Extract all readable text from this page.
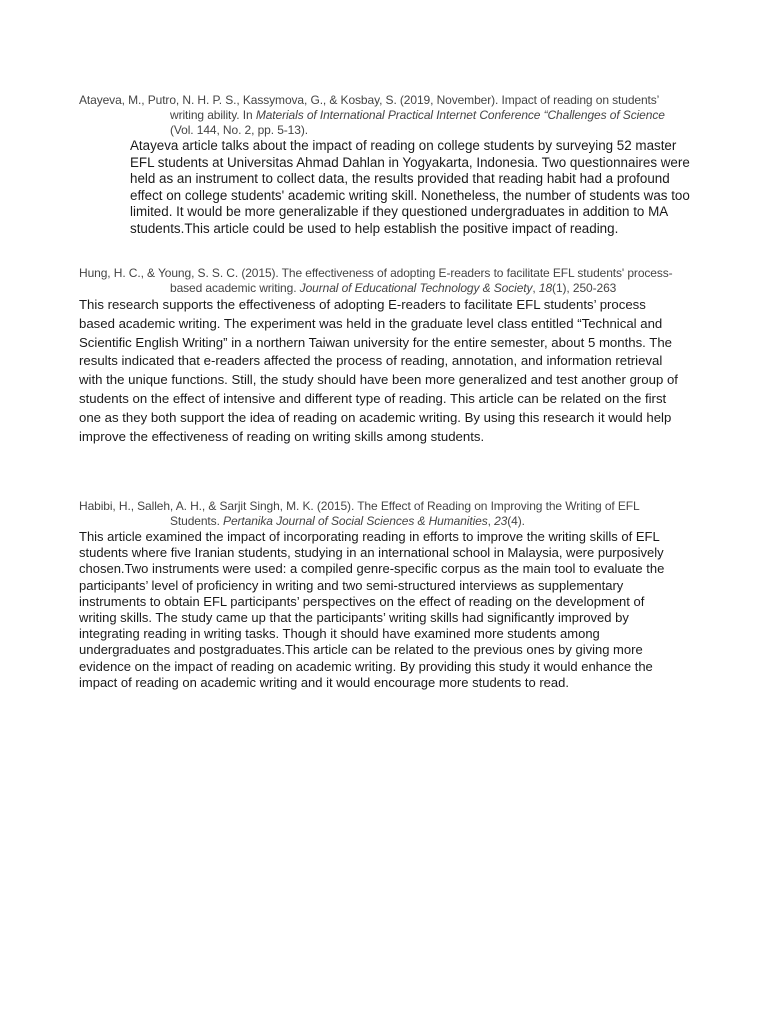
Atayeva, M., Putro, N. H. P. S., Kassymova, G., & Kosbay, S. (2019, November). Impact of reading on students’ writing ability. In Materials of International Practical Internet Conference “Challenges of Science (Vol. 144, No. 2, pp. 5-13).
Atayeva article talks about the impact of reading on college students by surveying 52 master EFL students at Universitas Ahmad Dahlan in Yogyakarta, Indonesia. Two questionnaires were held as an instrument to collect data, the results provided that reading habit had a profound effect on college students' academic writing skill. Nonetheless, the number of students was too limited. It would be more generalizable if they questioned undergraduates in addition to MA students.This article could be used to help establish the positive impact of reading.
Hung, H. C., & Young, S. S. C. (2015). The effectiveness of adopting E-readers to facilitate EFL students' process-based academic writing. Journal of Educational Technology & Society, 18(1), 250-263
This research supports the effectiveness of adopting E-readers to facilitate EFL students’ process based academic writing. The experiment was held in the graduate level class entitled “Technical and Scientific English Writing” in a northern Taiwan university for the entire semester, about 5 months. The results indicated that e-readers affected the process of reading, annotation, and information retrieval with the unique functions. Still, the study should have been more generalized and test another group of students on the effect of intensive and different type of reading. This article can be related on the first one as they both support the idea of reading on academic writing. By using this research it would help improve the effectiveness of reading on writing skills among students.
Habibi, H., Salleh, A. H., & Sarjit Singh, M. K. (2015). The Effect of Reading on Improving the Writing of EFL Students. Pertanika Journal of Social Sciences & Humanities, 23(4).
This article examined the impact of incorporating reading in efforts to improve the writing skills of EFL students where five Iranian students, studying in an international school in Malaysia, were purposively chosen.Two instruments were used: a compiled genre-specific corpus as the main tool to evaluate the participants’ level of proficiency in writing and two semi-structured interviews as supplementary instruments to obtain EFL participants’ perspectives on the effect of reading on the development of writing skills. The study came up that the participants’ writing skills had significantly improved by integrating reading in writing tasks. Though it should have examined more students among undergraduates and postgraduates.This article can be related to the previous ones by giving more evidence on the impact of reading on academic writing. By providing this study it would enhance the impact of reading on academic writing and it would encourage more students to read.
